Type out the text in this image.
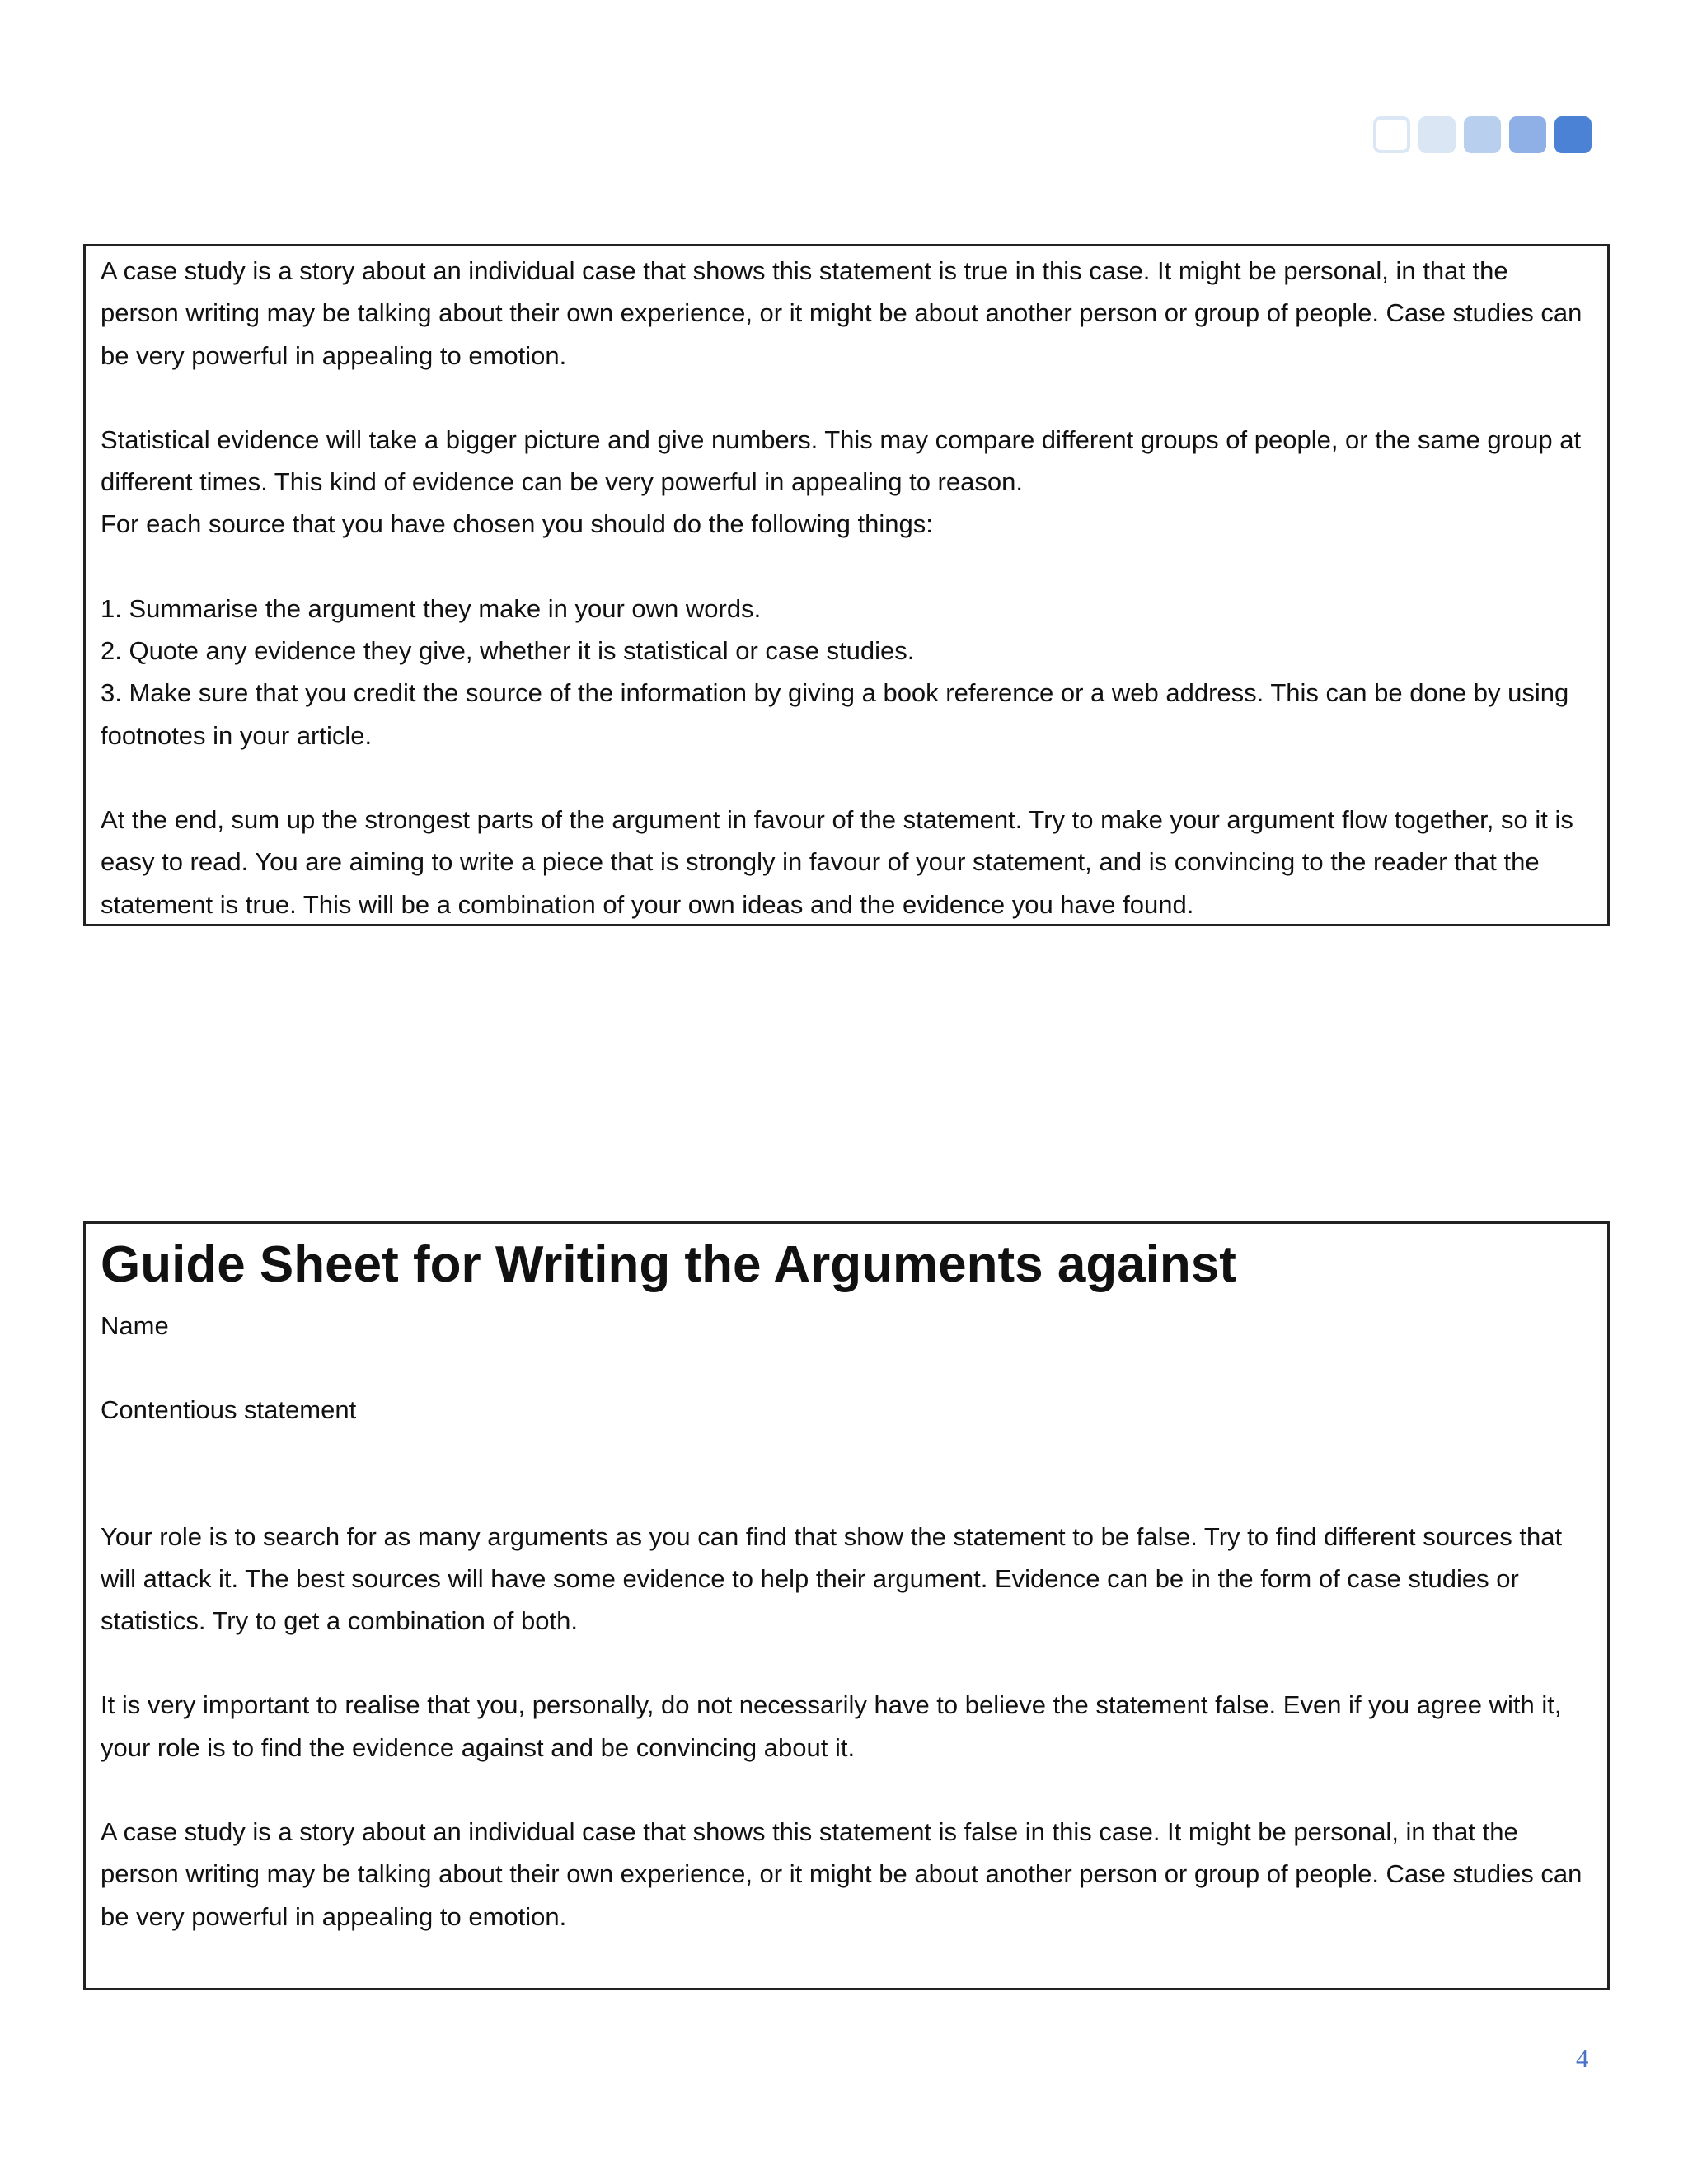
A case study is a story about an individual case that shows this statement is true in this case. It might be personal, in that the person writing may be talking about their own experience, or it might be about another person or group of people. Case studies can be very powerful in appealing to emotion.

Statistical evidence will take a bigger picture and give numbers. This may compare different groups of people, or the same group at different times. This kind of evidence can be very powerful in appealing to reason.

For each source that you have chosen you should do the following things:

1. Summarise the argument they make in your own words.

2. Quote any evidence they give, whether it is statistical or case studies.

3. Make sure that you credit the source of the information by giving a book reference or a web address. This can be done by using footnotes in your article.

At the end, sum up the strongest parts of the argument in favour of the statement. Try to make your argument flow together, so it is easy to read. You are aiming to write a piece that is strongly in favour of your statement, and is convincing to the reader that the statement is true. This will be a combination of your own ideas and the evidence you have found.

Guide Sheet for Writing the Arguments against

Name

Contentious statement

Your role is to search for as many arguments as you can find that show the statement to be false. Try to find different sources that will attack it. The best sources will have some evidence to help their argument. Evidence can be in the form of case studies or statistics. Try to get a combination of both.

It is very important to realise that you, personally, do not necessarily have to believe the statement false. Even if you agree with it, your role is to find the evidence against and be convincing about it.

A case study is a story about an individual case that shows this statement is false in this case. It might be personal, in that the person writing may be talking about their own experience, or it might be about another person or group of people. Case studies can be very powerful in appealing to emotion.

4
